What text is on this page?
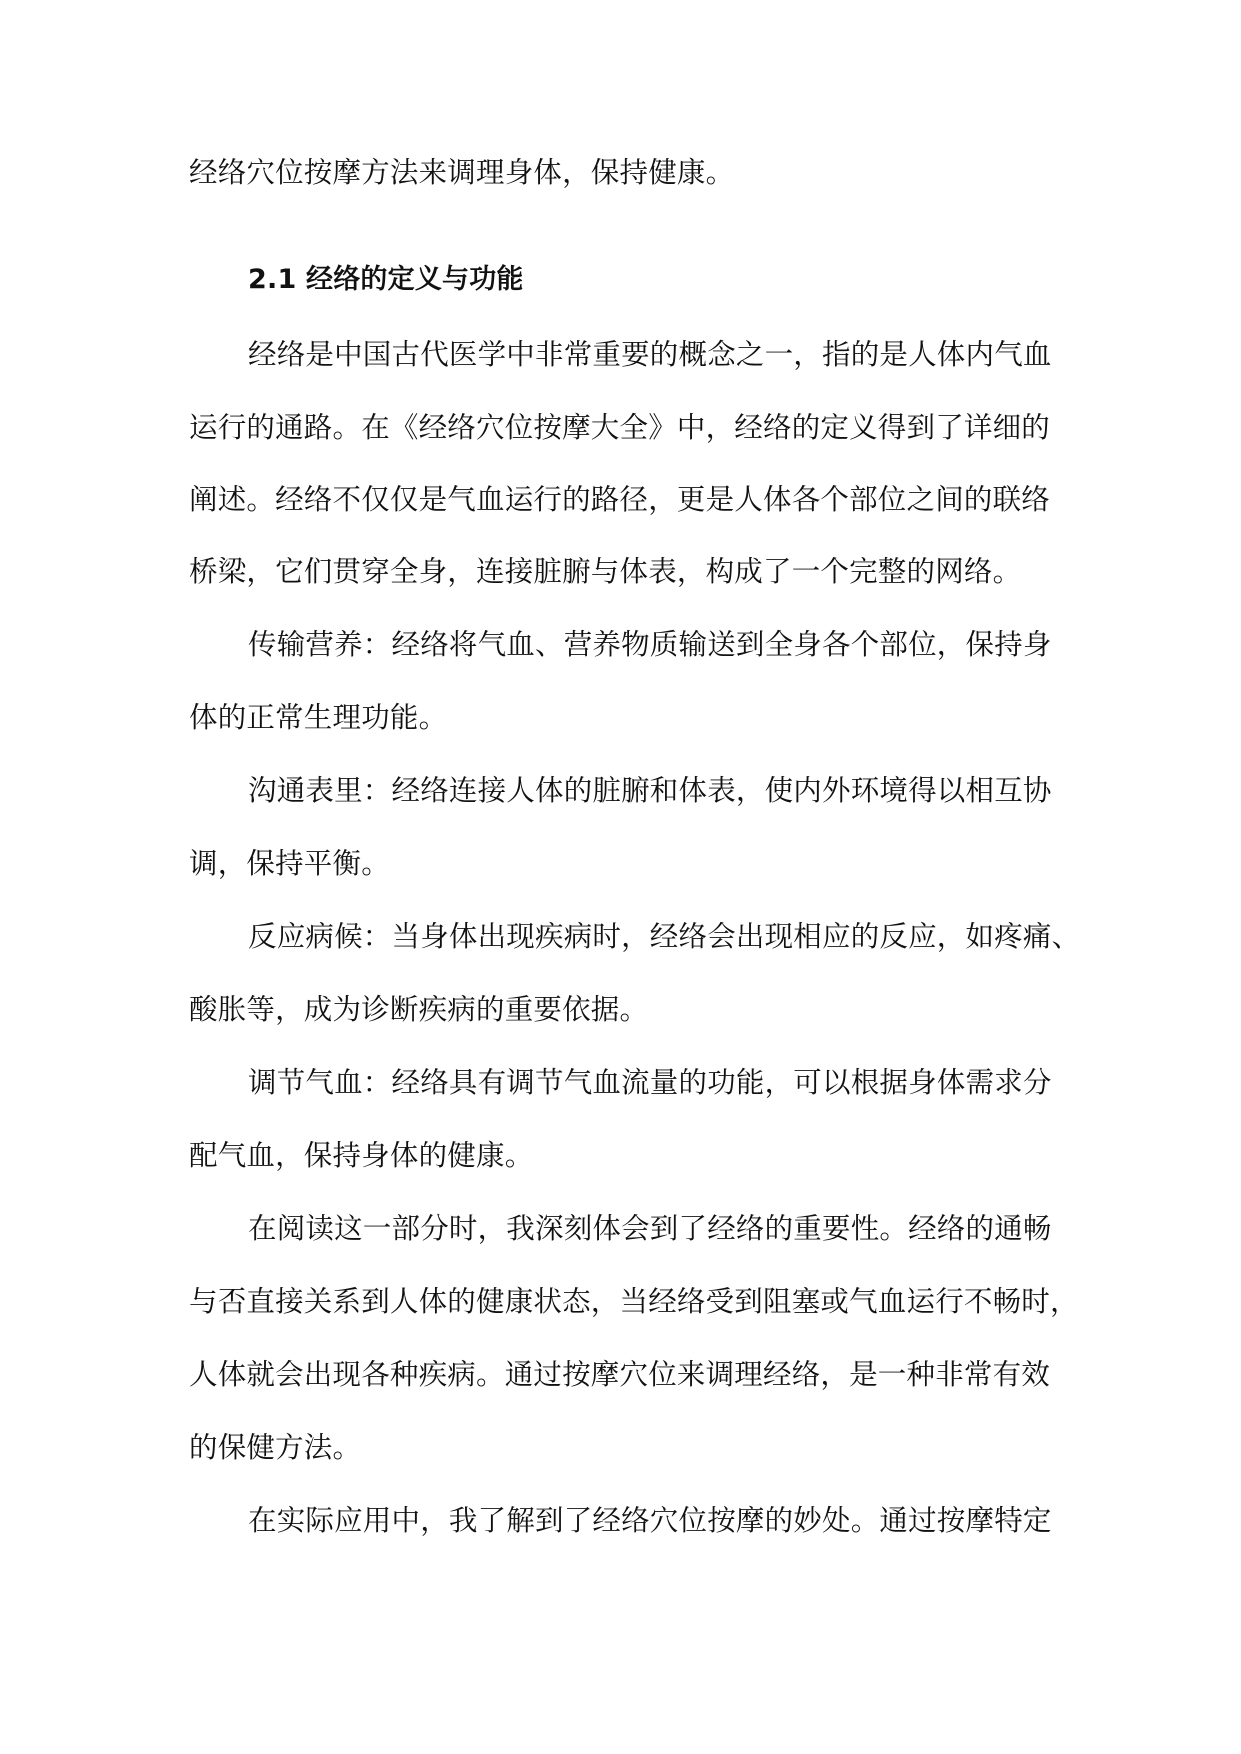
经络穴位按摩方法来调理身体，保持健康。
2.1 经络的定义与功能
经络是中国古代医学中非常重要的概念之一，指的是人体内气血
运行的通路。在《经络穴位按摩大全》中，经络的定义得到了详细的
阐述。经络不仅仅是气血运行的路径，更是人体各个部位之间的联络
桥梁，它们贯穿全身，连接脏腑与体表，构成了一个完整的网络。
传输营养：经络将气血、营养物质输送到全身各个部位，保持身
体的正常生理功能。
沟通表里：经络连接人体的脏腑和体表，使内外环境得以相互协
调，保持平衡。
反应病候：当身体出现疾病时，经络会出现相应的反应，如疼痛、
酸胀等，成为诊断疾病的重要依据。
调节气血：经络具有调节气血流量的功能，可以根据身体需求分
配气血，保持身体的健康。
在阅读这一部分时，我深刻体会到了经络的重要性。经络的通畅
与否直接关系到人体的健康状态，当经络受到阻塞或气血运行不畅时，
人体就会出现各种疾病。通过按摩穴位来调理经络，是一种非常有效
的保健方法。
在实际应用中，我了解到了经络穴位按摩的妙处。通过按摩特定
